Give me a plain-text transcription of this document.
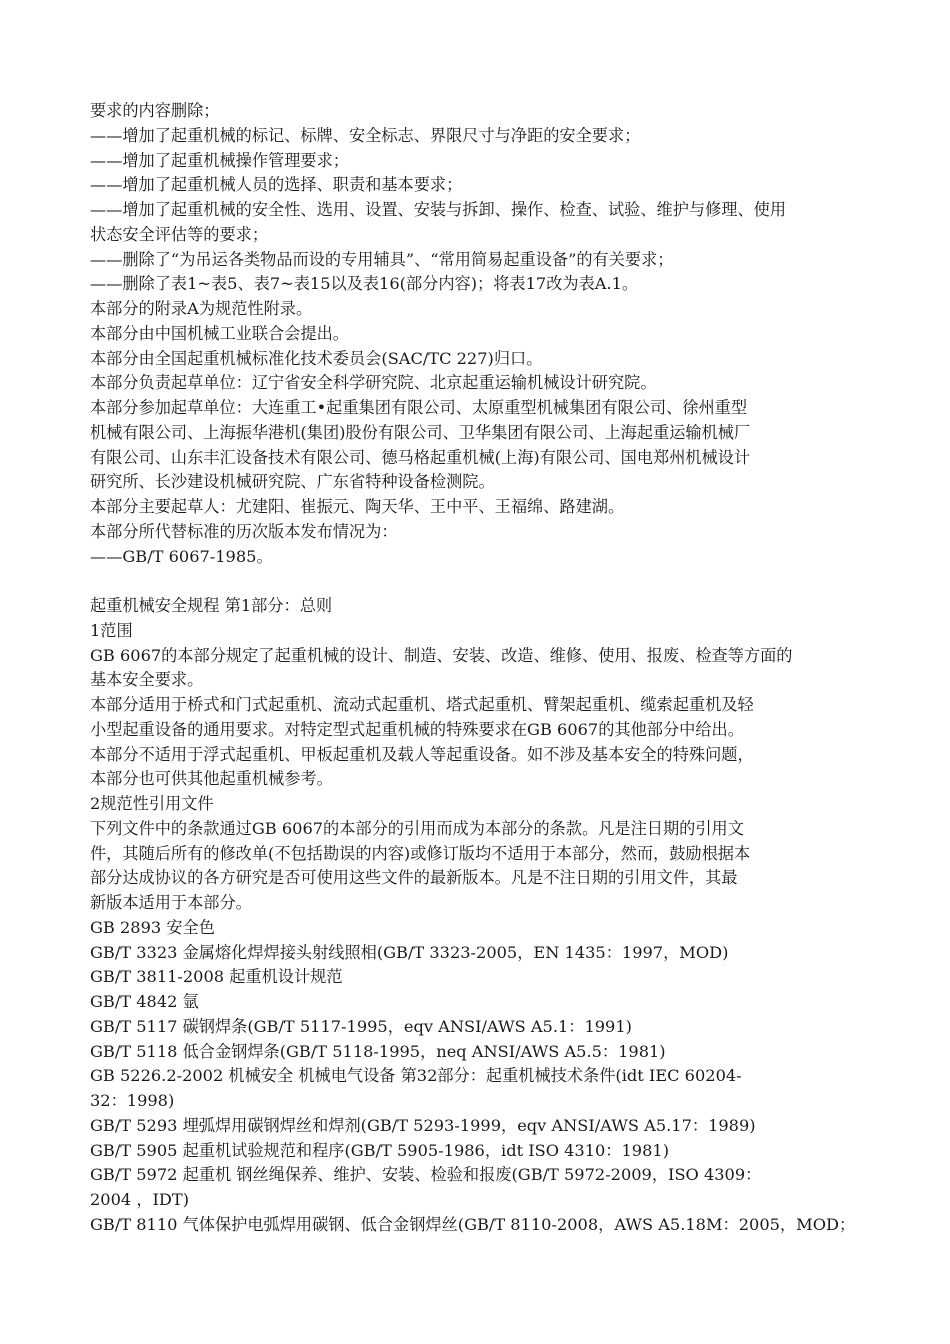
要求的内容删除；
——增加了起重机械的标记、标牌、安全标志、界限尺寸与净距的安全要求；
——增加了起重机械操作管理要求；
——增加了起重机械人员的选择、职责和基本要求；
——增加了起重机械的安全性、选用、设置、安装与拆卸、操作、检查、试验、维护与修理、使用
状态安全评估等的要求；
——删除了“为吊运各类物品而设的专用辅具”、“常用简易起重设备”的有关要求；
——删除了表1~表5、表7~表15以及表16(部分内容)；将表17改为表A.1。
本部分的附录A为规范性附录。
本部分由中国机械工业联合会提出。
本部分由全国起重机械标准化技术委员会(SAC/TC 227)归口。
本部分负责起草单位：辽宁省安全科学研究院、北京起重运输机械设计研究院。
本部分参加起草单位：大连重工•起重集团有限公司、太原重型机械集团有限公司、徐州重型
机械有限公司、上海振华港机(集团)股份有限公司、卫华集团有限公司、上海起重运输机械厂
有限公司、山东丰汇设备技术有限公司、德马格起重机械(上海)有限公司、国电郑州机械设计
研究所、长沙建设机械研究院、广东省特种设备检测院。
本部分主要起草人：尤建阳、崔振元、陶天华、王中平、王福绵、路建湖。
本部分所代替标准的历次版本发布情况为：
——GB/T 6067-1985。
起重机械安全规程 第1部分：总则
1范围
GB 6067的本部分规定了起重机械的设计、制造、安装、改造、维修、使用、报废、检查等方面的
基本安全要求。
本部分适用于桥式和门式起重机、流动式起重机、塔式起重机、臂架起重机、缆索起重机及轻
小型起重设备的通用要求。对特定型式起重机械的特殊要求在GB 6067的其他部分中给出。
本部分不适用于浮式起重机、甲板起重机及载人等起重设备。如不涉及基本安全的特殊问题，
本部分也可供其他起重机械参考。
2规范性引用文件
下列文件中的条款通过GB 6067的本部分的引用而成为本部分的条款。凡是注日期的引用文
件，其随后所有的修改单(不包括勘误的内容)或修订版均不适用于本部分，然而，鼓励根据本
部分达成协议的各方研究是否可使用这些文件的最新版本。凡是不注日期的引用文件，其最
新版本适用于本部分。
GB 2893 安全色
GB/T 3323 金属熔化焊焊接头射线照相(GB/T 3323-2005，EN 1435：1997，MOD)
GB/T 3811-2008 起重机设计规范
GB/T 4842 氩
GB/T 5117 碳钢焊条(GB/T 5117-1995，eqv ANSI/AWS A5.1：1991)
GB/T 5118 低合金钢焊条(GB/T 5118-1995，neq ANSI/AWS A5.5：1981)
GB 5226.2-2002 机械安全 机械电气设备 第32部分：起重机械技术条件(idt IEC 60204-
32：1998)
GB/T 5293 埋弧焊用碳钢焊丝和焊剂(GB/T 5293-1999，eqv ANSI/AWS A5.17：1989)
GB/T 5905 起重机试验规范和程序(GB/T 5905-1986，idt ISO 4310：1981)
GB/T 5972 起重机 钢丝绳保养、维护、安装、检验和报废(GB/T 5972-2009，ISO 4309：
2004 ，IDT)
GB/T 8110 气体保护电弧焊用碳钢、低合金钢焊丝(GB/T 8110-2008，AWS A5.18M：2005，MOD；
